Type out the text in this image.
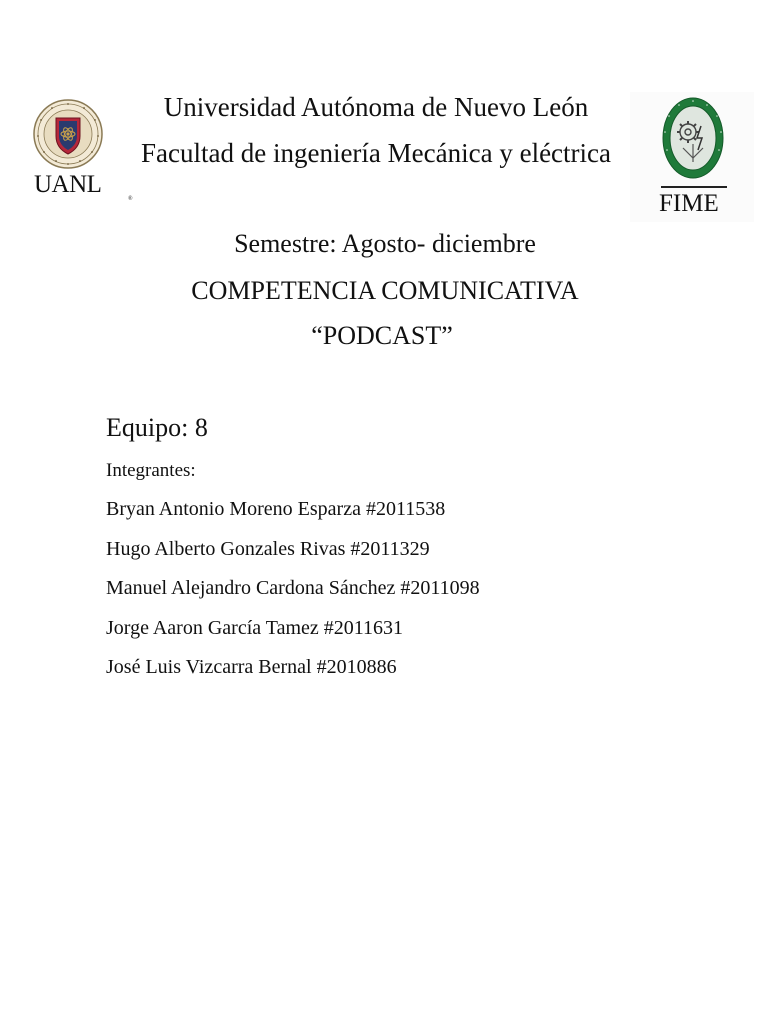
UANL
®	FIME
Universidad Autónoma de Nuevo León
Facultad de ingeniería Mecánica y eléctrica
Semestre: Agosto- diciembre
COMPETENCIA COMUNICATIVA
“PODCAST”
Equipo: 8
Integrantes:
Bryan Antonio Moreno Esparza #2011538
Hugo Alberto Gonzales Rivas #2011329
Manuel Alejandro Cardona Sánchez #2011098
Jorge Aaron García Tamez #2011631
José Luis Vizcarra Bernal #2010886
